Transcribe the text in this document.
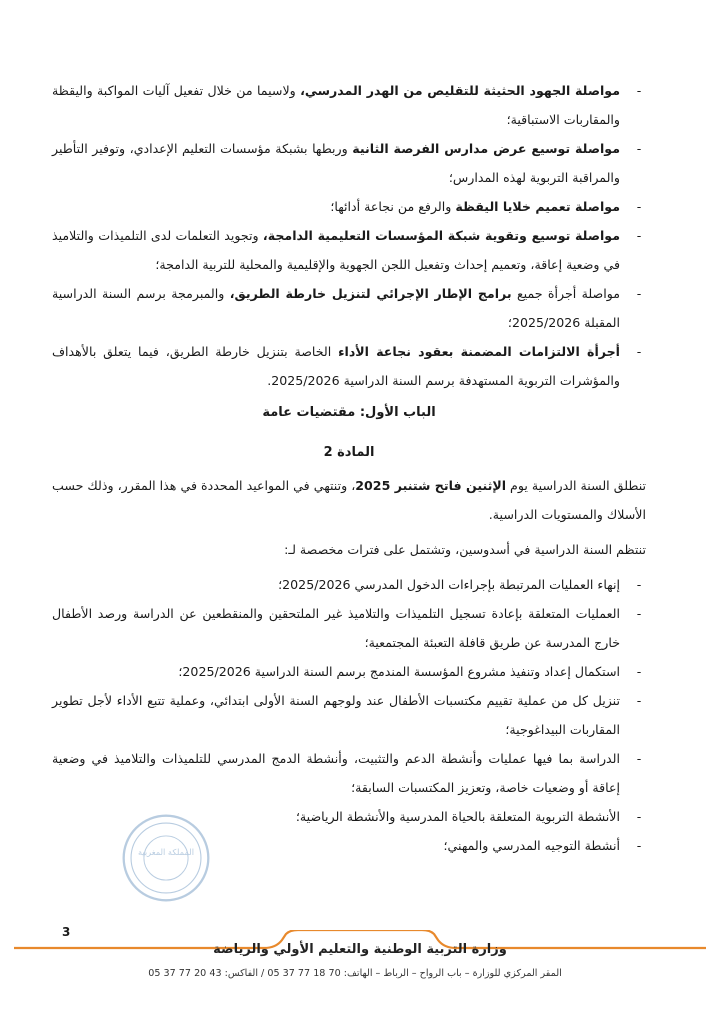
-
مواصلة الجهود الحثيثة للتقليص من الهدر المدرسي، ولاسيما من خلال تفعيل آليات المواكبة واليقظة والمقاربات الاستباقية؛
-
مواصلة توسيع عرض مدارس الفرصة الثانية وربطها بشبكة مؤسسات التعليم الإعدادي، وتوفير التأطير والمراقبة التربوية لهذه المدارس؛
-
مواصلة تعميم خلايا اليقظة والرفع من نجاعة أدائها؛
-
مواصلة توسيع وتقوية شبكة المؤسسات التعليمية الدامجة، وتجويد التعلمات لدى التلميذات والتلاميذ في وضعية إعاقة، وتعميم إحداث وتفعيل اللجن الجهوية والإقليمية والمحلية للتربية الدامجة؛
-
مواصلة أجرأة جميع برامج الإطار الإجرائي لتنزيل خارطة الطريق، والمبرمجة برسم السنة الدراسية المقبلة 2025/2026؛
-
أجرأة الالتزامات المضمنة بعقود نجاعة الأداء الخاصة بتنزيل خارطة الطريق، فيما يتعلق بالأهداف والمؤشرات التربوية المستهدفة برسم السنة الدراسية 2025/2026.
الباب الأول: مقتضيات عامة
المادة 2
تنطلق السنة الدراسية يوم الإثنين فاتح شتنبر 2025، وتنتهي في المواعيد المحددة في هذا المقرر، وذلك حسب الأسلاك والمستويات الدراسية.
تنتظم السنة الدراسية في أسدوسين، وتشتمل على فترات مخصصة لـ:
-
إنهاء العمليات المرتبطة بإجراءات الدخول المدرسي 2025/2026؛
-
العمليات المتعلقة بإعادة تسجيل التلميذات والتلاميذ غير الملتحقين والمنقطعين عن الدراسة ورصد الأطفال خارج المدرسة عن طريق قافلة التعبئة المجتمعية؛
-
استكمال إعداد وتنفيذ مشروع المؤسسة المندمج برسم السنة الدراسية 2025/2026؛
-
تنزيل كل من عملية تقييم مكتسبات الأطفال عند ولوجهم السنة الأولى ابتدائي، وعملية تتبع الأداء لأجل تطوير المقاربات البيداغوجية؛
-
الدراسة بما فيها عمليات وأنشطة الدعم والتثبيت، وأنشطة الدمج المدرسي للتلميذات والتلاميذ في وضعية إعاقة أو وضعيات خاصة، وتعزيز المكتسبات السابقة؛
-
الأنشطة التربوية المتعلقة بالحياة المدرسية والأنشطة الرياضية؛
-
أنشطة التوجيه المدرسي والمهني؛
المملكة المغربية
3
وزارة التربية الوطنية والتعليم الأولي والرياضة
المقر المركزي للوزارة – باب الرواح – الرباط – الهاتف: 70 18 77 37 05 / الفاكس: 43 20 77 37 05
